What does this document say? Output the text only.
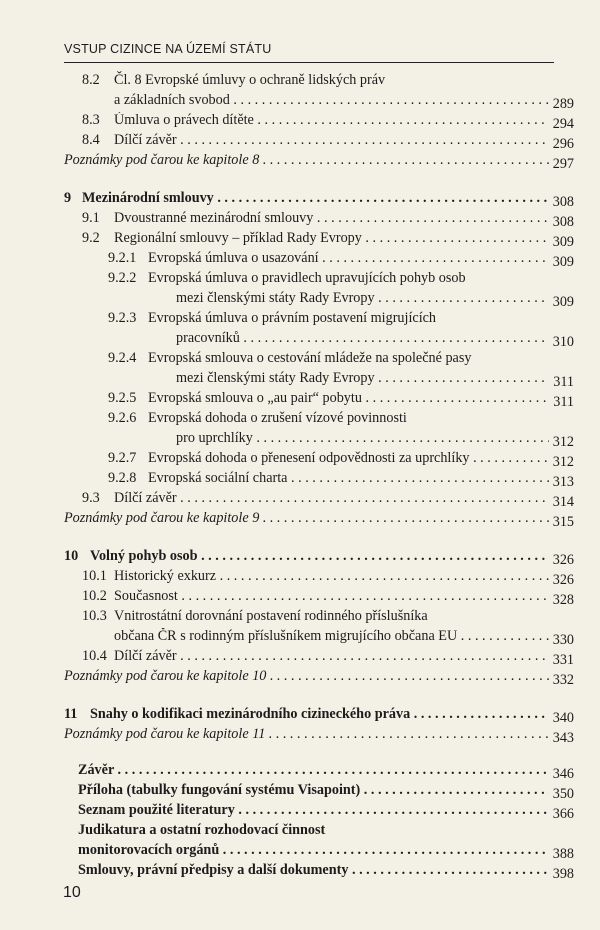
VSTUP CIZINCE NA ÚZEMÍ STÁTU
8.2 Čl. 8 Evropské úmluvy o ochraně lidských práv
a základních svobod . . .	289
8.3 Úmluva o právech dítěte . . .	294
8.4 Dílčí závěr . . .	296
Poznámky pod čarou ke kapitole 8 . . .	297
9 Mezinárodní smlouvy . . .	308
9.1 Dvoustranné mezinárodní smlouvy . . .	308
9.2 Regionální smlouvy – příklad Rady Evropy . . .	309
9.2.1 Evropská úmluva o usazování . . .	309
9.2.2 Evropská úmluva o pravidlech upravujících pohyb osob
mezi členskými státy Rady Evropy . . .	309
9.2.3 Evropská úmluva o právním postavení migrujících
pracovníků . . .	310
9.2.4 Evropská smlouva o cestování mládeže na společné pasy
mezi členskými státy Rady Evropy . . .	311
9.2.5 Evropská smlouva o „au pair“ pobytu . . .	311
9.2.6 Evropská dohoda o zrušení vízové povinnosti
pro uprchlíky . . .	312
9.2.7 Evropská dohoda o přenesení odpovědnosti za uprchlíky . . .	312
9.2.8 Evropská sociální charta . . .	313
9.3 Dílčí závěr . . .	314
Poznámky pod čarou ke kapitole 9 . . .	315
10 Volný pohyb osob . . .	326
10.1 Historický exkurz . . .	326
10.2 Současnost . . .	328
10.3 Vnitrostátní dorovnání postavení rodinného příslušníka
občana ČR s rodinným příslušníkem migrujícího občana EU . . .	330
10.4 Dílčí závěr . . .	331
Poznámky pod čarou ke kapitole 10 . . .	332
11 Snahy o kodifikaci mezinárodního cizineckého práva . . .	340
Poznámky pod čarou ke kapitole 11 . . .	343
Závěr . . .	346
Příloha (tabulky fungování systému Visapoint) . . .	350
Seznam použité literatury . . .	366
Judikatura a ostatní rozhodovací činnost
monitorovacích orgánů . . .	388
Smlouvy, právní předpisy a další dokumenty . . .	398
10
